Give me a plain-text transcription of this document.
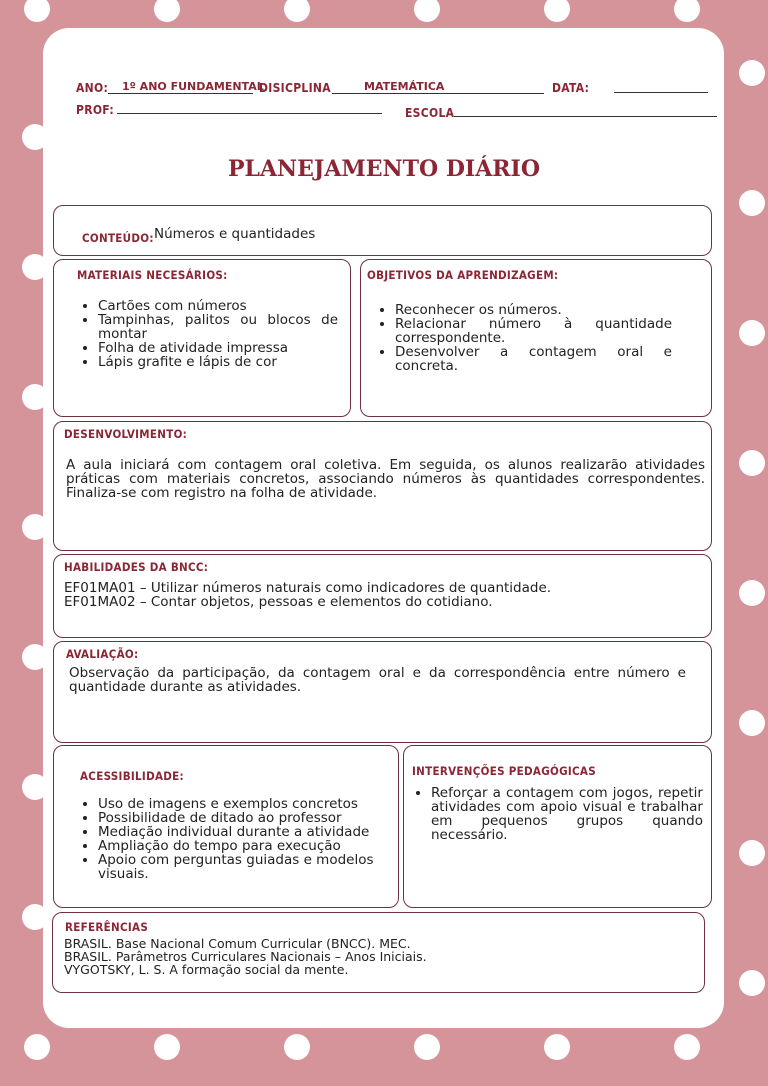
ANO: 1º ANO FUNDAMENTAL
DISICPLINA	MATEMÁTICA	DATA:
PROF:	ESCOLA
PLANEJAMENTO DIÁRIO
CONTEÚDO: Números e quantidades
MATERIAIS NECESÁRIOS:
• Cartões com números
• Tampinhas, palitos ou blocos de montar
• Folha de atividade impressa
• Lápis grafite e lápis de cor
OBJETIVOS DA APRENDIZAGEM:
• Reconhecer os números.
• Relacionar número à quantidade correspondente.
• Desenvolver a contagem oral e concreta.
DESENVOLVIMENTO:
A aula iniciará com contagem oral coletiva. Em seguida, os alunos realizarão atividades práticas com materiais concretos, associando números às quantidades correspondentes. Finaliza-se com registro na folha de atividade.
HABILIDADES DA BNCC:
EF01MA01 – Utilizar números naturais como indicadores de quantidade.
EF01MA02 – Contar objetos, pessoas e elementos do cotidiano.
AVALIAÇÃO:
Observação da participação, da contagem oral e da correspondência entre número e quantidade durante as atividades.
ACESSIBILIDADE:
• Uso de imagens e exemplos concretos
• Possibilidade de ditado ao professor
• Mediação individual durante a atividade
• Ampliação do tempo para execução
• Apoio com perguntas guiadas e modelos visuais.
INTERVENÇÕES PEDAGÓGICAS
• Reforçar a contagem com jogos, repetir atividades com apoio visual e trabalhar em pequenos grupos quando necessário.
REFERÊNCIAS
BRASIL. Base Nacional Comum Curricular (BNCC). MEC.
BRASIL. Parâmetros Curriculares Nacionais – Anos Iniciais.
VYGOTSKY, L. S. A formação social da mente.
